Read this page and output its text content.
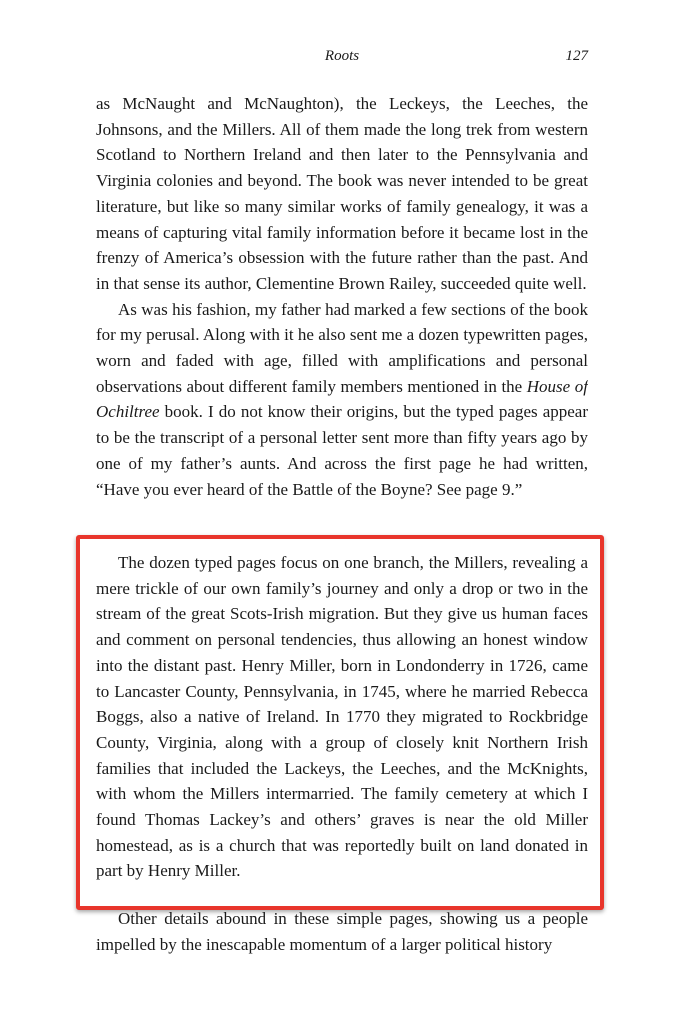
Roots	127

as McNaught and McNaughton), the Leckeys, the Leeches, the Johnsons, and the Millers. All of them made the long trek from western Scotland to Northern Ireland and then later to the Pennsylvania and Virginia colonies and beyond. The book was never intended to be great literature, but like so many similar works of family genealogy, it was a means of capturing vital family information before it became lost in the frenzy of America’s obsession with the future rather than the past. And in that sense its author, Clementine Brown Railey, succeeded quite well.

As was his fashion, my father had marked a few sections of the book for my perusal. Along with it he also sent me a dozen typewritten pages, worn and faded with age, filled with amplifications and personal observations about different family members mentioned in the House of Ochiltree book. I do not know their origins, but the typed pages appear to be the transcript of a personal letter sent more than fifty years ago by one of my father’s aunts. And across the first page he had written, “Have you ever heard of the Battle of the Boyne? See page 9.”

The dozen typed pages focus on one branch, the Millers, revealing a mere trickle of our own family’s journey and only a drop or two in the stream of the great Scots-Irish migration. But they give us human faces and comment on personal tendencies, thus allowing an honest window into the distant past. Henry Miller, born in Londonderry in 1726, came to Lancaster County, Pennsylvania, in 1745, where he married Rebecca Boggs, also a native of Ireland. In 1770 they migrated to Rockbridge County, Virginia, along with a group of closely knit Northern Irish families that included the Lackeys, the Leeches, and the McKnights, with whom the Millers intermarried. The family cemetery at which I found Thomas Lackey’s and others’ graves is near the old Miller homestead, as is a church that was reportedly built on land donated in part by Henry Miller.

Other details abound in these simple pages, showing us a people impelled by the inescapable momentum of a larger political history
